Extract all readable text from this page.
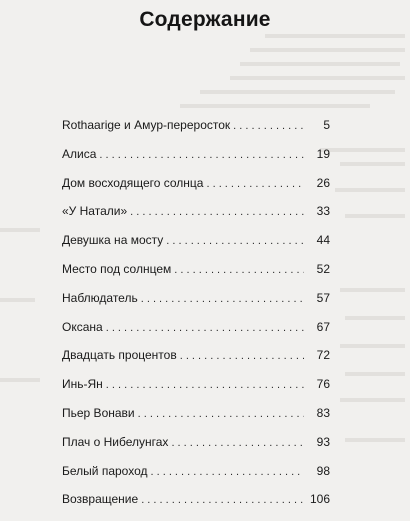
Содержание
Rothaarige и Амур-перероcток . . .	5
Алиса . . .	19
Дом восходящего солнца . . .	26
«У Натали» . . .	33
Девушка на мосту . . .	44
Место под солнцем . . .	52
Наблюдатель . . .	57
Оксана . . .	67
Двадцать процентов . . .	72
Инь-Ян . . .	76
Пьер Вонави . . .	83
Плач о Нибелунгах . . .	93
Белый пароход . . .	98
Возвращение . . .	106
